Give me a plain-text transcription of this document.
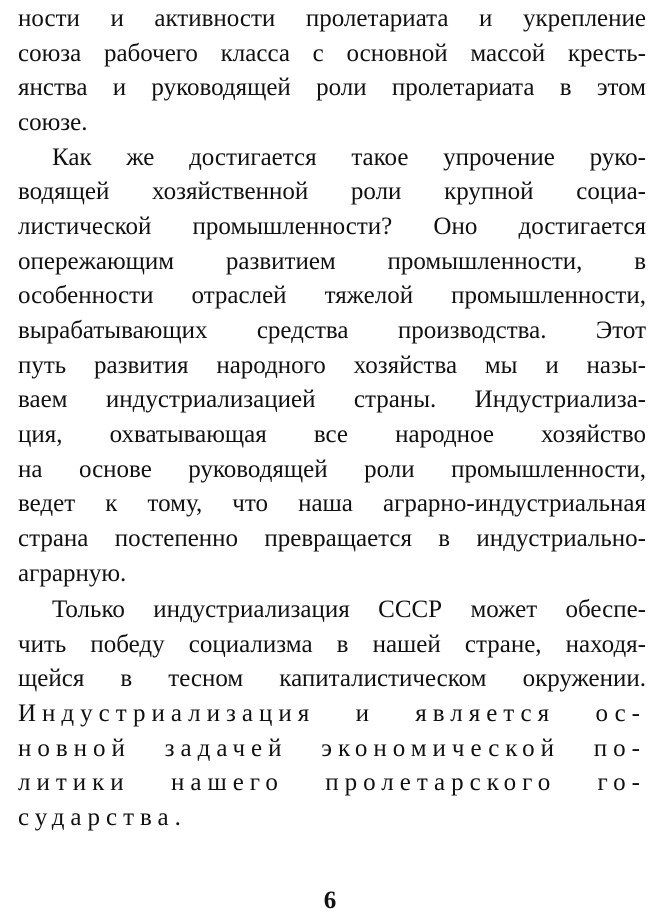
ности и активности пролетариата и укрепление
союза рабочего класса с основной массой кресть-
янства и руководящей роли пролетариата в этом
союзе.
Как же достигается такое упрочение руко-
водящей хозяйственной роли крупной социа-
листической промышленности? Оно достигается
опережающим развитием промышленности, в
особенности отраслей тяжелой промышленности,
вырабатывающих средства производства. Этот
путь развития народного хозяйства мы и назы-
ваем индустриализацией страны. Индустриализа-
ция, охватывающая все народное хозяйство
на основе руководящей роли промышленности,
ведет к тому, что наша аграрно-индустриальная
страна постепенно превращается в индустриально-
аграрную.
Только индустриализация СССР может обеспе-
чить победу социализма в нашей стране, находя-
щейся в тесном капиталистическом окружении.
Индустриализация и является ос-
новной задачей экономической по-
литики нашего пролетарского го-
сударства.
6
